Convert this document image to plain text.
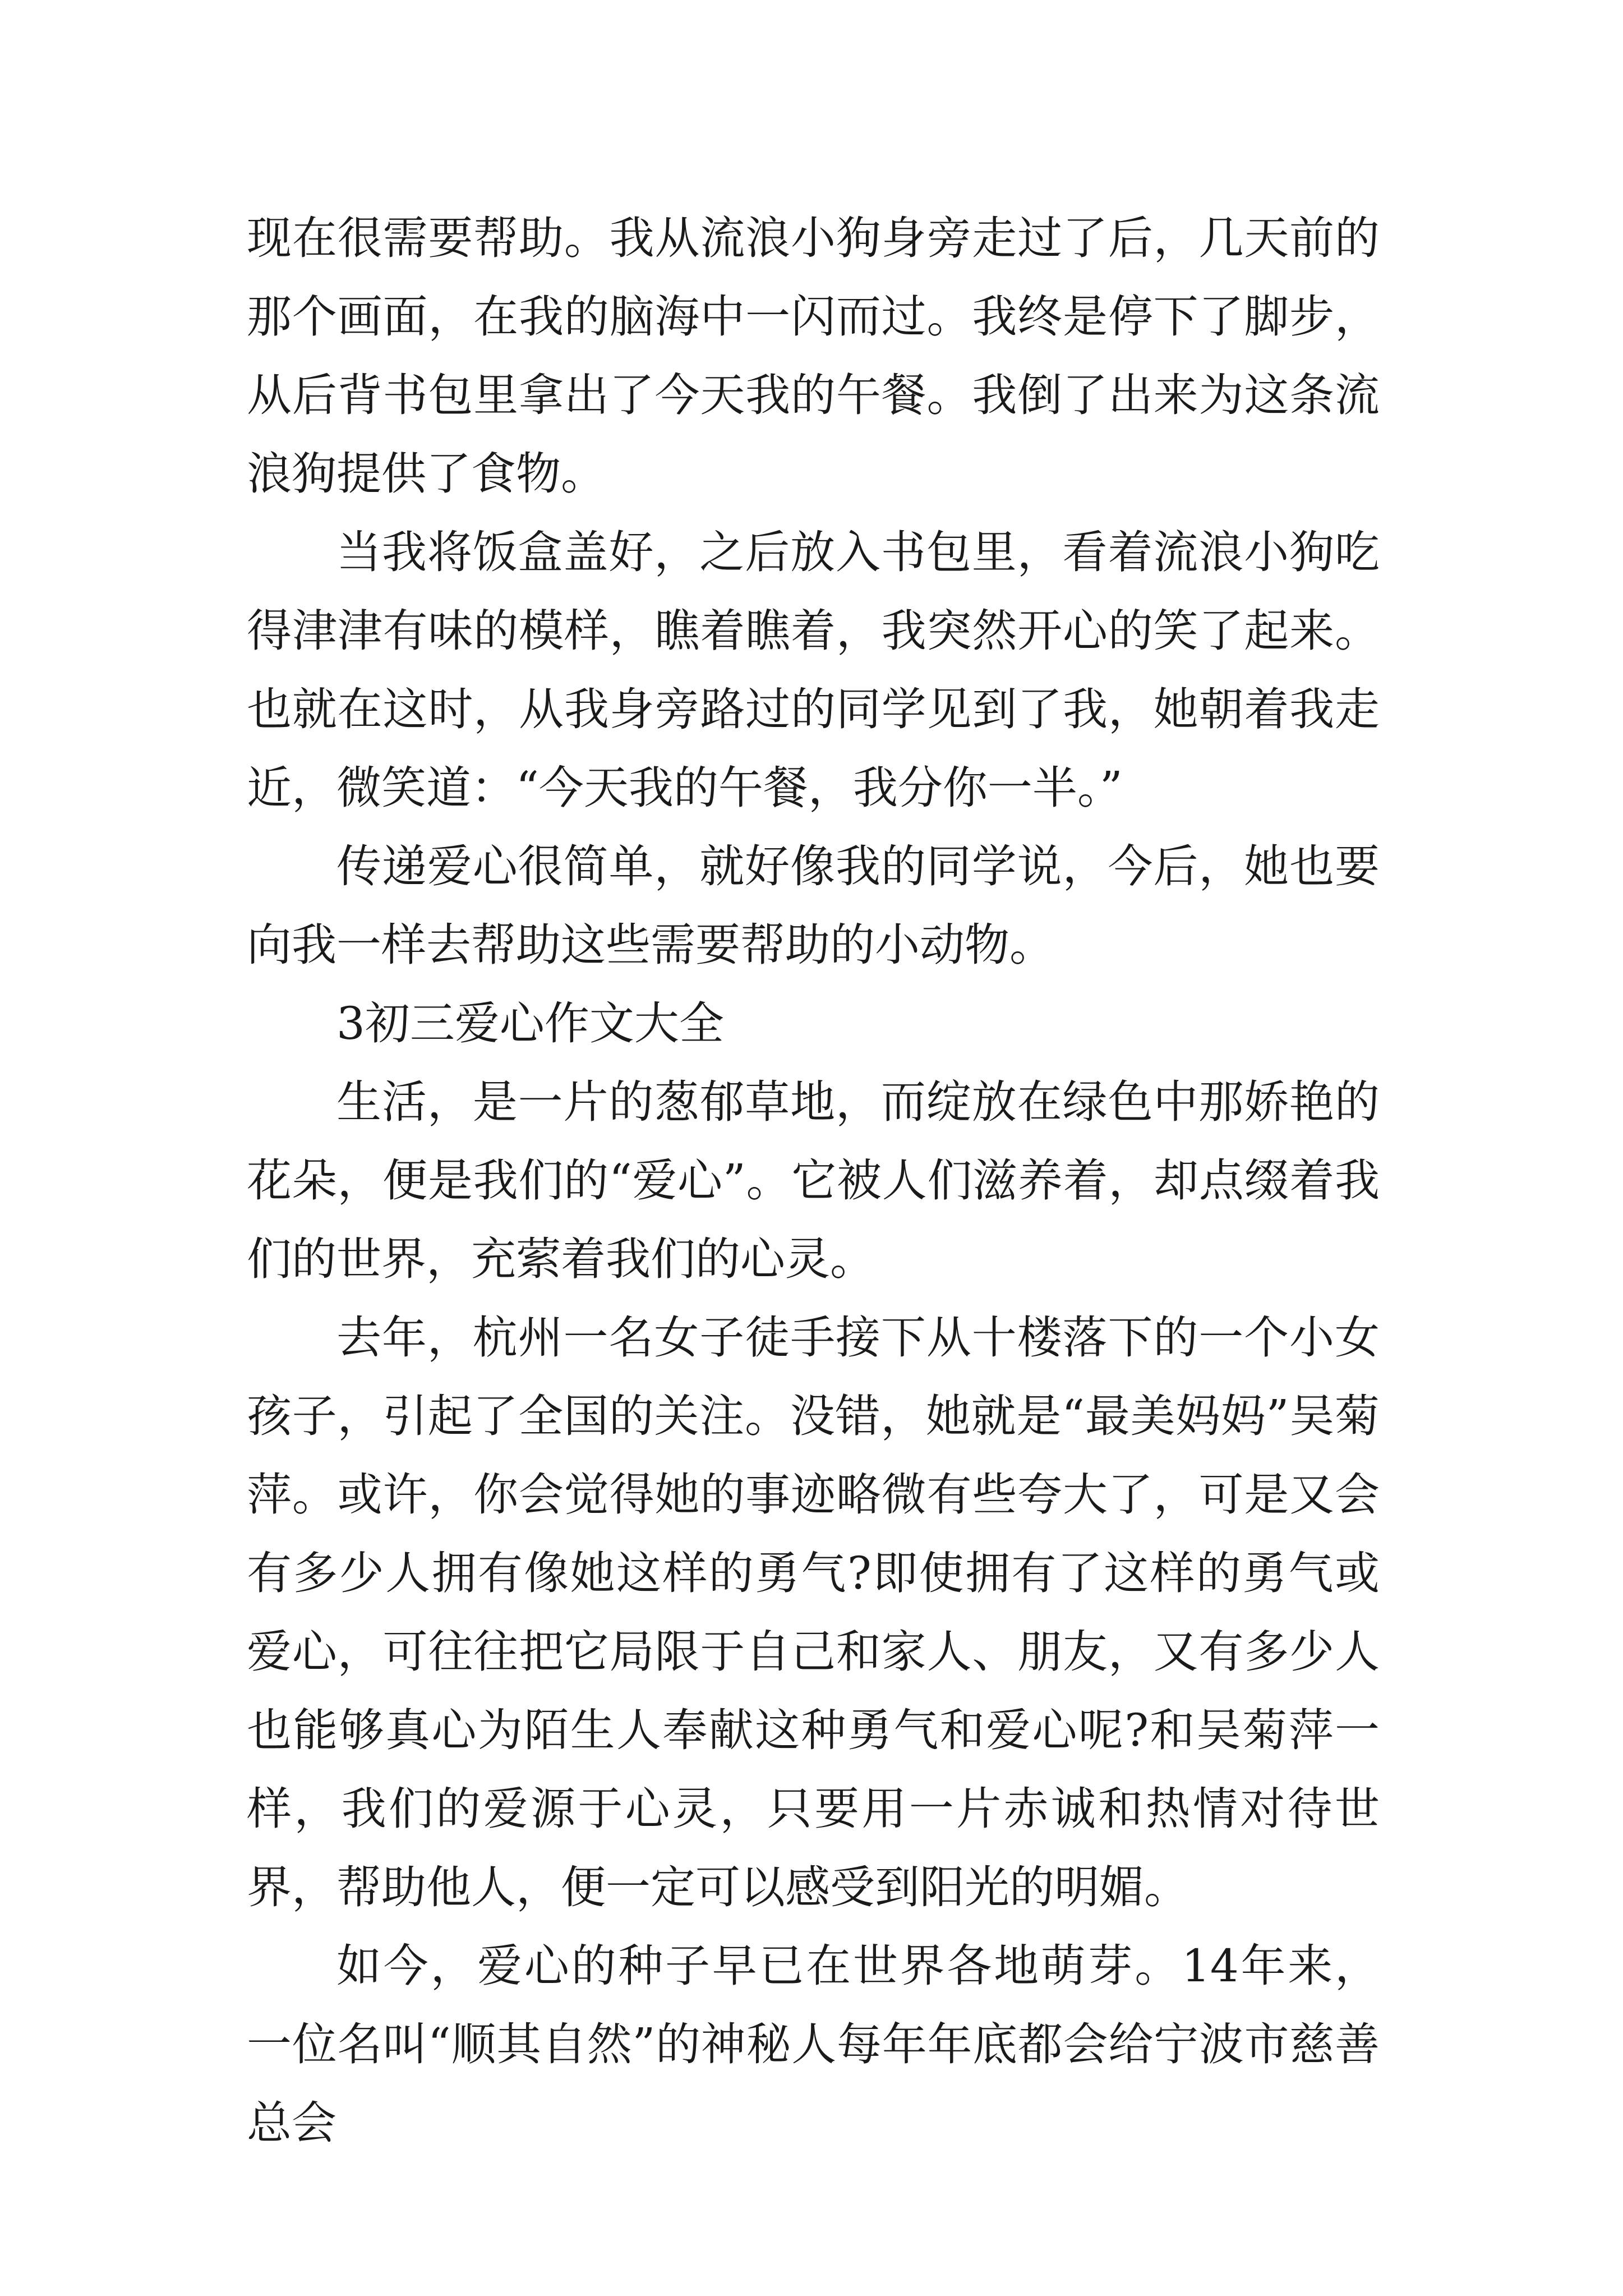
现在很需要帮助。我从流浪小狗身旁走过了后，几天前的那个画面，在我的脑海中一闪而过。我终是停下了脚步，从后背书包里拿出了今天我的午餐。我倒了出来为这条流浪狗提供了食物。

当我将饭盒盖好，之后放入书包里，看着流浪小狗吃得津津有味的模样，瞧着瞧着，我突然开心的笑了起来。也就在这时，从我身旁路过的同学见到了我，她朝着我走近，微笑道：“今天我的午餐，我分你一半。”

传递爱心很简单，就好像我的同学说，今后，她也要向我一样去帮助这些需要帮助的小动物。

3初三爱心作文大全

生活，是一片的葱郁草地，而绽放在绿色中那娇艳的花朵，便是我们的“爱心”。它被人们滋养着，却点缀着我们的世界，充萦着我们的心灵。

去年，杭州一名女子徒手接下从十楼落下的一个小女孩子，引起了全国的关注。没错，她就是“最美妈妈”吴菊萍。或许，你会觉得她的事迹略微有些夸大了，可是又会有多少人拥有像她这样的勇气?即使拥有了这样的勇气或爱心，可往往把它局限于自己和家人、朋友，又有多少人也能够真心为陌生人奉献这种勇气和爱心呢?和吴菊萍一样，我们的爱源于心灵，只要用一片赤诚和热情对待世界，帮助他人，便一定可以感受到阳光的明媚。

如今，爱心的种子早已在世界各地萌芽。14年来，一位名叫“顺其自然”的神秘人每年年底都会给宁波市慈善总会
